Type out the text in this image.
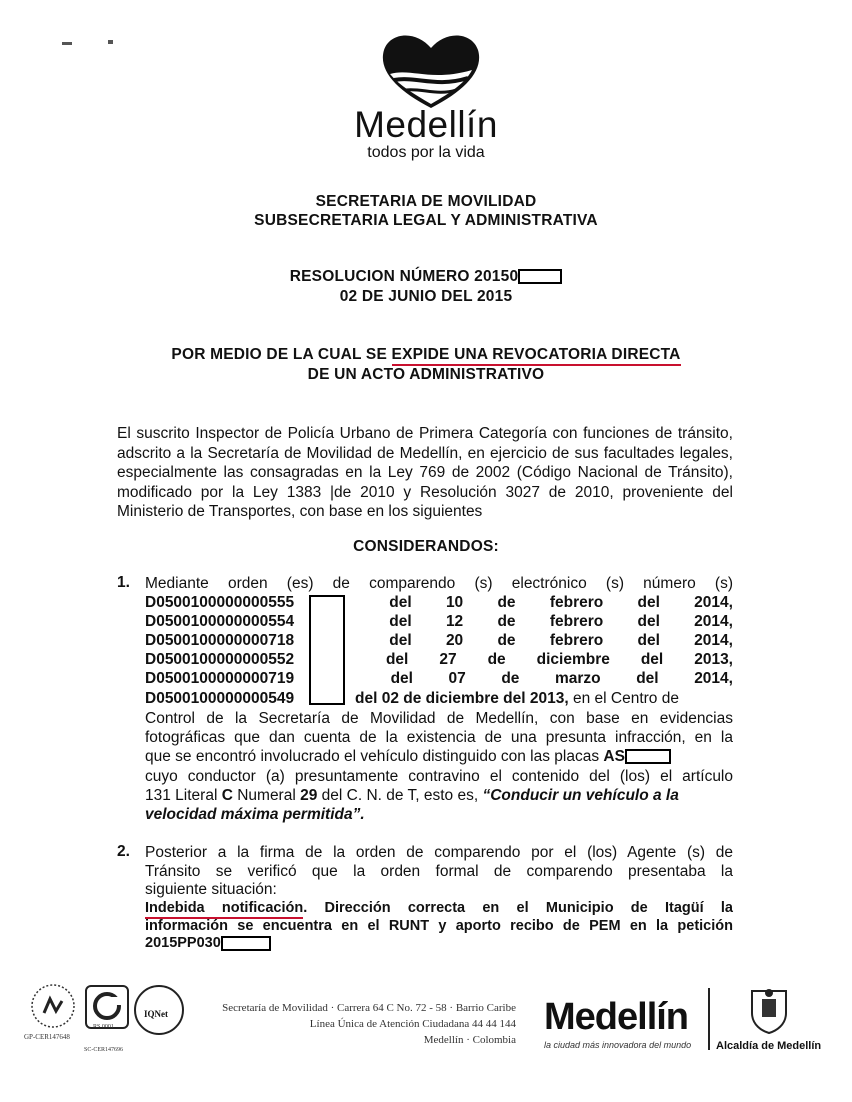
Medellín
todos por la vida
SECRETARIA DE MOVILIDAD
SUBSECRETARIA LEGAL Y ADMINISTRATIVA
RESOLUCION NÚMERO 20150
02 DE JUNIO DEL 2015
POR MEDIO DE LA CUAL SE EXPIDE UNA REVOCATORIA DIRECTA
DE UN ACTO ADMINISTRATIVO
El suscrito Inspector de Policía Urbano de Primera Categoría con funciones de tránsito, adscrito a la Secretaría de Movilidad de Medellín, en ejercicio de sus facultades legales, especialmente las consagradas en la Ley 769 de 2002 (Código Nacional de Tránsito), modificado por la Ley 1383 |de 2010 y Resolución 3027 de 2010, proveniente del Ministerio de Transportes, con base en los siguientes
CONSIDERANDOS:
1. Mediante orden (es) de comparendo (s) electrónico (s) número (s)
D0500100000000555	del 10 de febrero del 2014,
D0500100000000554	del 12 de febrero del 2014,
D0500100000000718	del 20 de febrero del 2014,
D0500100000000552	del 27 de diciembre del 2013,
D0500100000000719	del 07 de marzo del 2014,
D0500100000000549	del 02 de diciembre del 2013, en el Centro de
Control de la Secretaría de Movilidad de Medellín, con base en evidencias
fotográficas que dan cuenta de la existencia de una presunta infracción, en la
que se encontró involucrado el vehículo distinguido con las placas AS
cuyo conductor (a) presuntamente contravino el contenido del (los) el artículo
131 Literal C Numeral 29 del C. N. de T, esto es, “Conducir un vehículo a la
velocidad máxima permitida”.
2. Posterior a la firma de la orden de comparendo por el (los) Agente (s) de
Tránsito se verificó que la orden formal de comparendo presentaba la
siguiente situación:
Indebida notificación. Dirección correcta en el Municipio de Itagüí la
información se encuentra en el RUNT y aporto recibo de PEM en la petición
2015PP030
GP-CER147648
RS 0001
SC-CER147696
IQNet	Secretaría de Movilidad · Carrera 64 C No. 72 - 58 · Barrio Caribe
Línea Única de Atención Ciudadana 44 44 144
Medellín · Colombia
Medellín
la ciudad más innovadora del mundo Alcaldía de Medellín
